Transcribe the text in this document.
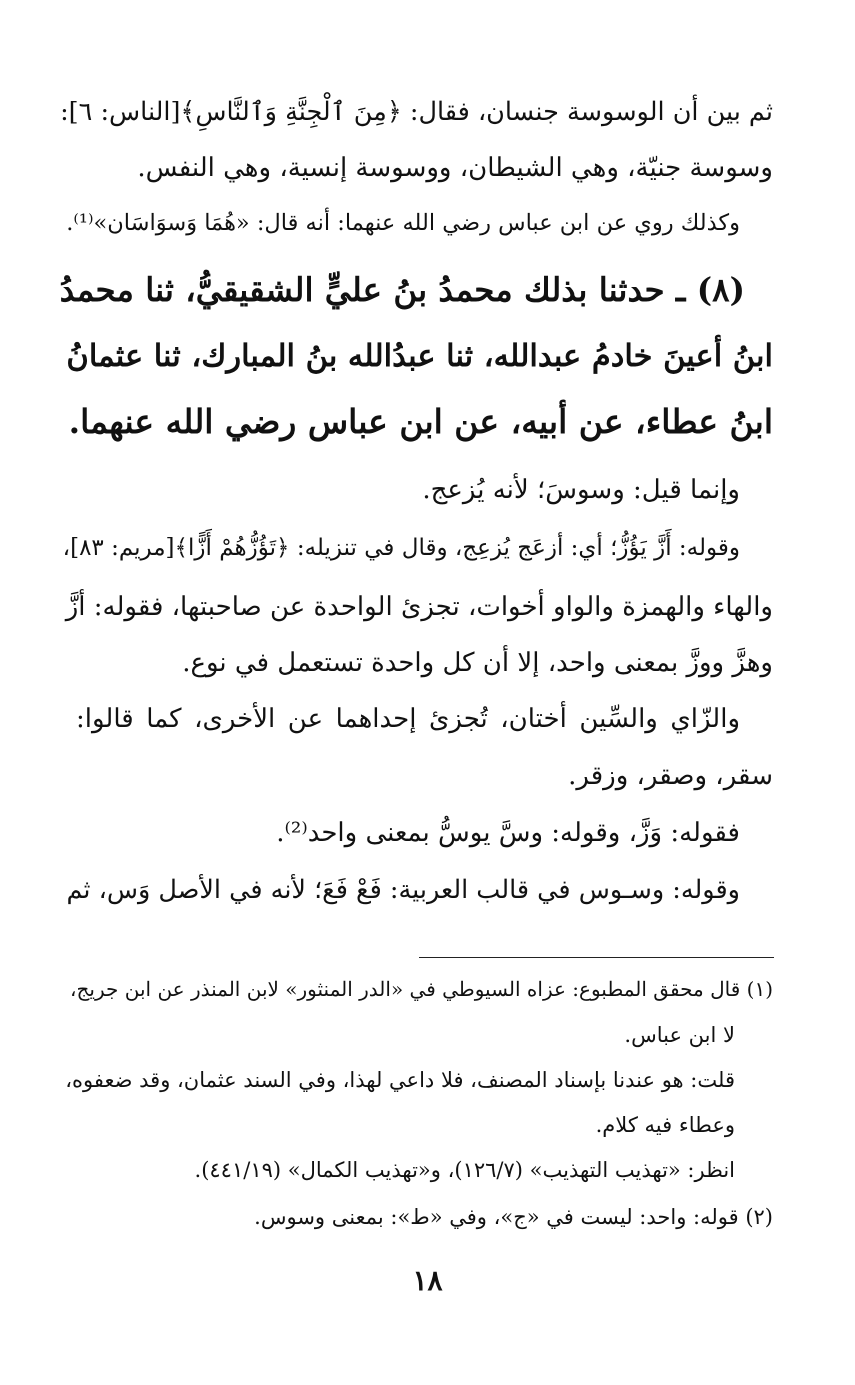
ثم بين أن الوسوسة جنسان، فقال: ﴿مِنَ ٱلْجِنَّةِ وَٱلنَّاسِ﴾[الناس: ٦]:
وسوسة جنيّة، وهي الشيطان، ووسوسة إنسية، وهي النفس.
وكذلك روي عن ابن عباس رضي الله عنهما: أنه قال: «هُمَا وَسوَاسَان»⁽¹⁾.
(٨) ـ حدثنا بذلك محمدُ بنُ عليٍّ الشقيقيُّ، ثنا محمدُ
ابنُ أعينَ خادمُ عبدالله، ثنا عبدُالله بنُ المبارك، ثنا عثمانُ
ابنُ عطاء، عن أبيه، عن ابن عباس رضي الله عنهما.
وإنما قيل: وسوسَ؛ لأنه يُزعج.
وقوله: أَزَّ يَؤُزُّ؛ أي: أزعَج يُزعِج، وقال في تنزيله: ﴿تَؤُزُّهُمْ أَزًّا﴾[مريم: ٨٣]،
والهاء والهمزة والواو أخوات، تجزئ الواحدة عن صاحبتها، فقوله: أزَّ
وهزَّ ووزَّ بمعنى واحد، إلا أن كل واحدة تستعمل في نوع.
والزّاي والسِّين أختان، تُجزئ إحداهما عن الأخرى، كما قالوا:
سقر، وصقر، وزقر.
فقوله: وَزَّ، وقوله: وسَّ يوسُّ بمعنى واحد⁽²⁾.
وقوله: وسـوس في قالب العربية: فَعْ فَعَ؛ لأنه في الأصل وَس، ثم
(١) قال محقق المطبوع: عزاه السيوطي في «الدر المنثور» لابن المنذر عن ابن جريج،
لا ابن عباس.
قلت: هو عندنا بإسناد المصنف، فلا داعي لهذا، وفي السند عثمان، وقد ضعفوه،
وعطاء فيه كلام.
انظر: «تهذيب التهذيب» (١٢٦/٧)، و«تهذيب الكمال» (٤٤١/١٩).
(٢) قوله: واحد: ليست في «ج»، وفي «ط»: بمعنى وسوس.
١٨
